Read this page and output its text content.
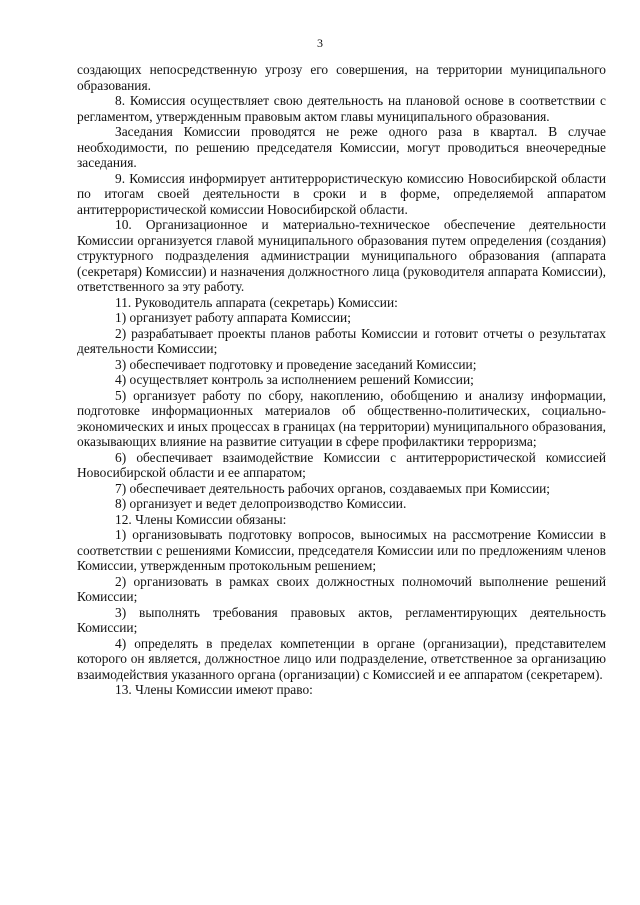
3

создающих непосредственную угрозу его совершения, на территории муниципального образования.

8. Комиссия осуществляет свою деятельность на плановой основе в соответствии с регламентом, утвержденным правовым актом главы муниципального образования.

Заседания Комиссии проводятся не реже одного раза в квартал. В случае необходимости, по решению председателя Комиссии, могут проводиться внеочередные заседания.

9. Комиссия информирует антитеррористическую комиссию Новосибирской области по итогам своей деятельности в сроки и в форме, определяемой аппаратом антитеррористической комиссии Новосибирской области.

10. Организационное и материально-техническое обеспечение деятельности Комиссии организуется главой муниципального образования путем определения (создания) структурного подразделения администрации муниципального образования (аппарата (секретаря) Комиссии) и назначения должностного лица (руководителя аппарата Комиссии), ответственного за эту работу.

11. Руководитель аппарата (секретарь) Комиссии:

1) организует работу аппарата Комиссии;

2) разрабатывает проекты планов работы Комиссии и готовит отчеты о результатах деятельности Комиссии;

3) обеспечивает подготовку и проведение заседаний Комиссии;

4) осуществляет контроль за исполнением решений Комиссии;

5) организует работу по сбору, накоплению, обобщению и анализу информации, подготовке информационных материалов об общественно-политических, социально-экономических и иных процессах в границах (на территории) муниципального образования, оказывающих влияние на развитие ситуации в сфере профилактики терроризма;

6) обеспечивает взаимодействие Комиссии с антитеррористической комиссией Новосибирской области и ее аппаратом;

7) обеспечивает деятельность рабочих органов, создаваемых при Комиссии;

8) организует и ведет делопроизводство Комиссии.

12. Члены Комиссии обязаны:

1) организовывать подготовку вопросов, выносимых на рассмотрение Комиссии в соответствии с решениями Комиссии, председателя Комиссии или по предложениям членов Комиссии, утвержденным протокольным решением;

2) организовать в рамках своих должностных полномочий выполнение решений Комиссии;

3) выполнять требования правовых актов, регламентирующих деятельность Комиссии;

4) определять в пределах компетенции в органе (организации), представителем которого он является, должностное лицо или подразделение, ответственное за организацию взаимодействия указанного органа (организации) с Комиссией и ее аппаратом (секретарем).

13. Члены Комиссии имеют право:
